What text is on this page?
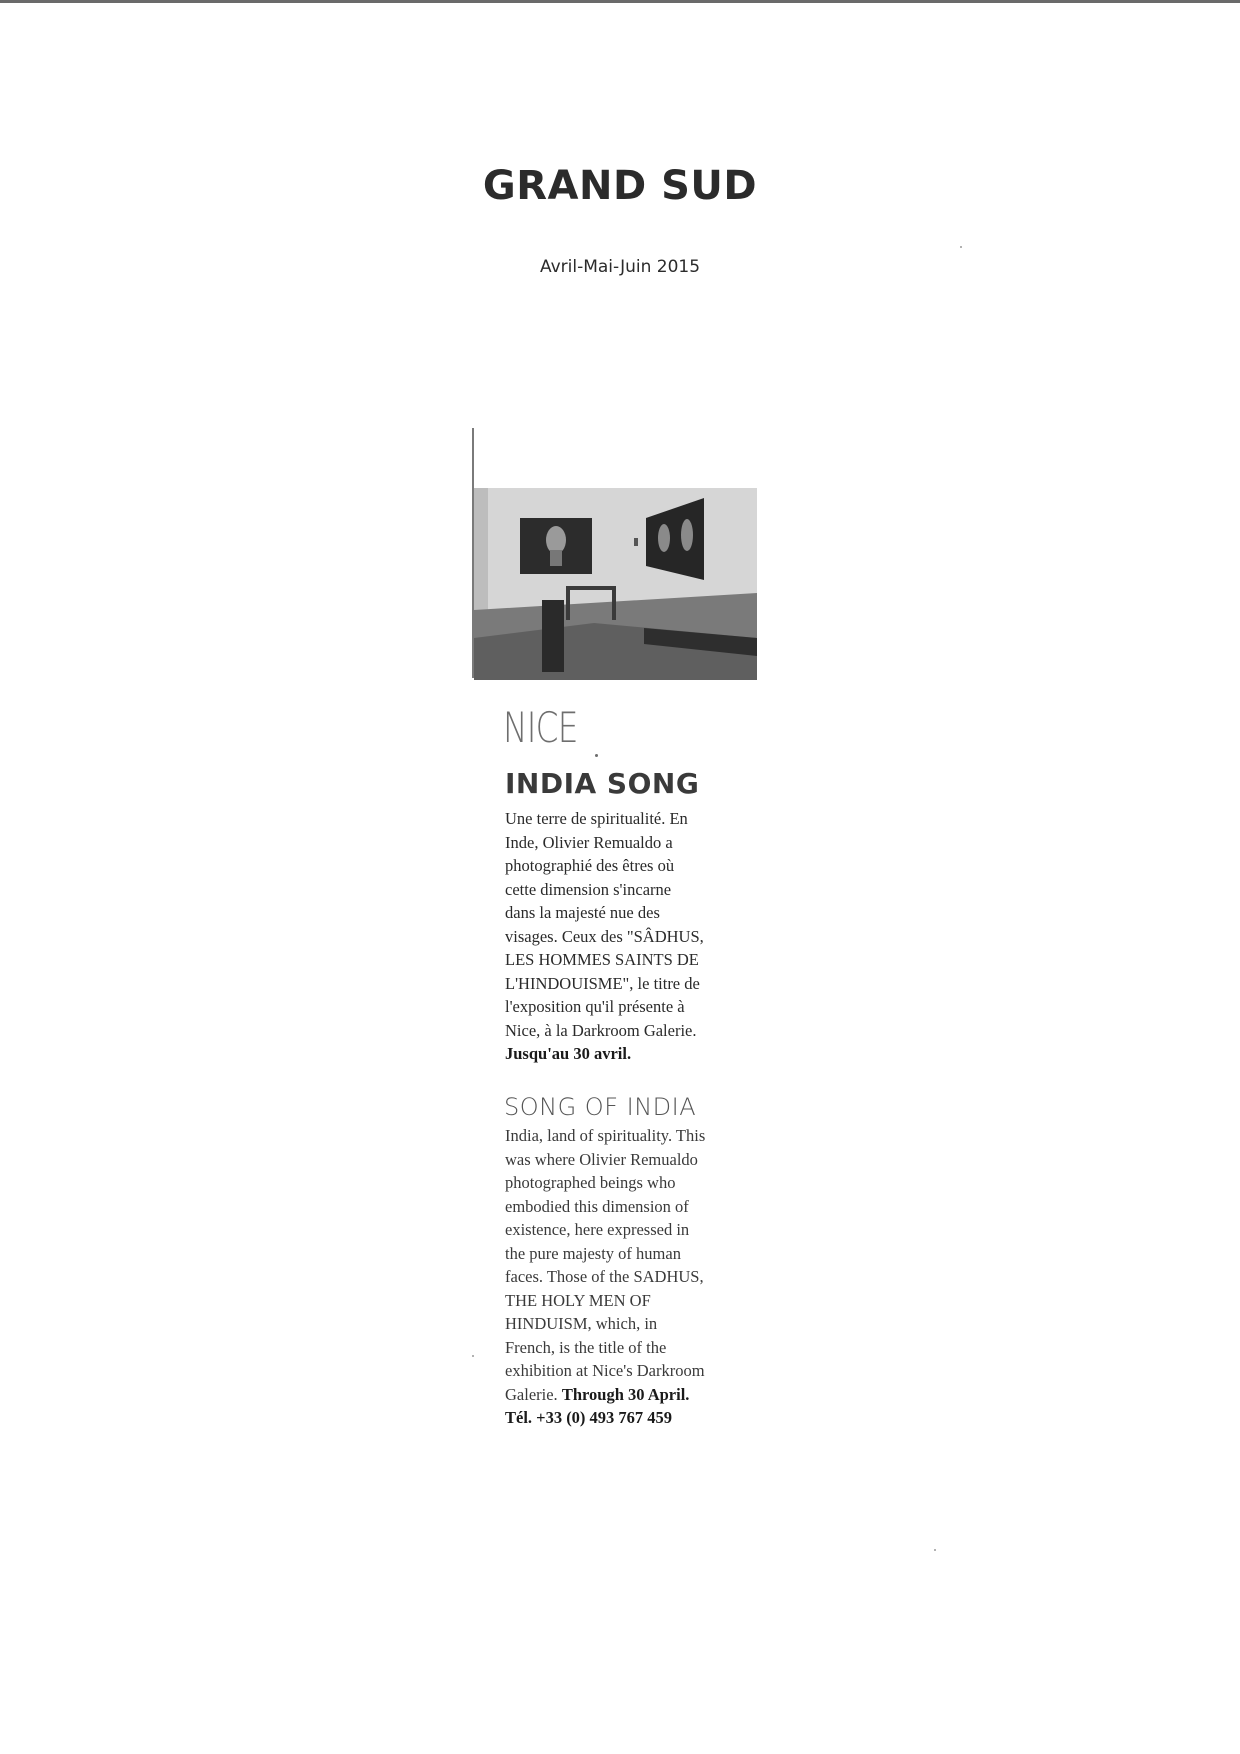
GRAND SUD
Avril-Mai-Juin 2015
NICE
INDIA SONG
Une terre de spiritualité. En
Inde, Olivier Remualdo a
photographié des êtres où
cette dimension s'incarne
dans la majesté nue des
visages. Ceux des "SÂDHUS,
LES HOMMES SAINTS DE
L'HINDOUISME", le titre de
l'exposition qu'il présente à
Nice, à la Darkroom Galerie.
Jusqu'au 30 avril.
SONG OF INDIA
India, land of spirituality. This
was where Olivier Remualdo
photographed beings who
embodied this dimension of
existence, here expressed in
the pure majesty of human
faces. Those of the SADHUS,
THE HOLY MEN OF
HINDUISM, which, in
French, is the title of the
exhibition at Nice's Darkroom
Galerie. Through 30 April.
Tél. +33 (0) 493 767 459
